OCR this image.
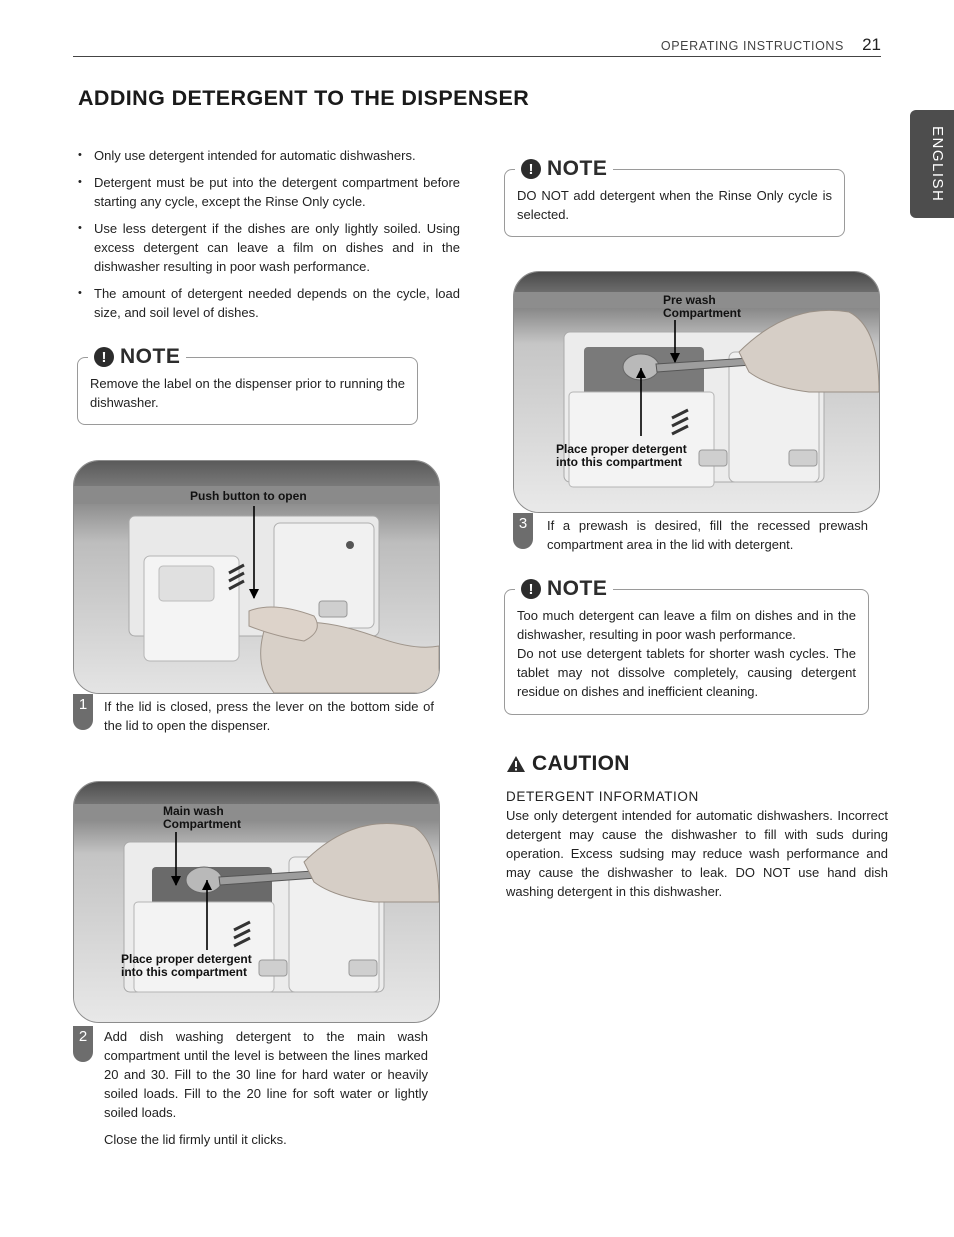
OPERATING INSTRUCTIONS 21
ENGLISH
ADDING DETERGENT TO THE DISPENSER
• Only use detergent intended for automatic dishwashers.
• Detergent must be put into the detergent compartment before starting any cycle, except the Rinse Only cycle.
• Use less detergent if the dishes are only lightly soiled. Using excess detergent can leave a film on dishes and in the dishwasher resulting in poor wash performance.
• The amount of detergent needed depends on the cycle, load size, and soil level of dishes.
! NOTE
Remove the label on the dispenser prior to running the dishwasher.
! NOTE
DO NOT add detergent when the Rinse Only cycle is selected.
! NOTE
Too much detergent can leave a film on dishes and in the dishwasher, resulting in poor wash performance.
Do not use detergent tablets for shorter wash cycles. The tablet may not dissolve completely, causing detergent residue on dishes and inefficient cleaning.
Push button to open
1	If the lid is closed, press the lever on the bottom side of the lid to open the dispenser.
Main wash
Compartment
Place proper detergent
into this compartment
2	Add dish washing detergent to the main wash compartment until the level is between the lines marked 20 and 30. Fill to the 30 line for hard water or heavily soiled loads. Fill to the 20 line for soft water or lightly soiled loads.
Close the lid firmly until it clicks.
Pre wash
Compartment
Place proper detergent
into this compartment
3	If a prewash is desired, fill the recessed prewash compartment area in the lid with detergent.
CAUTION
DETERGENT INFORMATION
Use only detergent intended for automatic dishwashers. Incorrect detergent may cause the dishwasher to fill with suds during operation. Excess sudsing may reduce wash performance and may cause the dishwasher to leak. DO NOT use hand dish washing detergent in this dishwasher.
